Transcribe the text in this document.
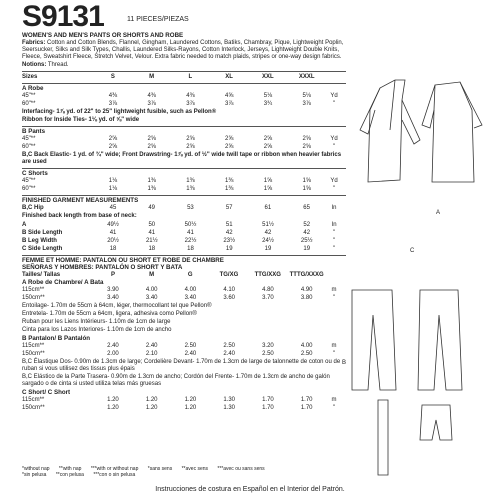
S9131	11 PIECES/PIEZAS
WOMEN'S AND MEN'S PANTS OR SHORTS AND ROBE
Fabrics: Cotton and Cotton Blends, Flannel, Gingham, Laundered Cottons, Batiks, Chambray, Pique, Lightweight Poplin, Seersucker, Silks and Silk Types, Challis, Laundered Silks-Rayons, Cotton Interlock, Jerseys, Lightweight Double Knits, Fleece, Sweatshirt Fleece, Stretch Velvet, Velour. Extra fabric needed to match plaids, stripes or one-way design fabrics.
Notions: Thread.
Sizes	S	M	L	XL	XXL	XXXL	
A Robe
45"**	4⅜	4⅜	4⅜	4⅝	5⅛	5⅛	Yd
60"**	3⅞	3⅞	3⅞	3⅞	3¾	3⅞	"
Interfacing- 1⅞ yd. of 22" to 25" lightweight fusible, such as Pellon®
Ribbon for Inside Ties- 1⅛ yd. of ⅝" wide
B Pants
45"**	2⅝	2⅝	2⅝	2⅝	2⅝	2⅝	Yd
60"**	2⅝	2⅝	2⅝	2⅝	2⅝	2⅝	"
B,C Back Elastic- 1 yd. of ¾" wide; Front Drawstring- 1⅞ yd. of ½" wide twill tape or ribbon when heavier fabrics are used
C Shorts
45"**	1⅛	1⅜	1⅜	1⅜	1⅝	1⅝	Yd
60"**	1⅛	1⅜	1⅜	1⅜	1⅝	1⅝	"
FINISHED GARMENT MEASUREMENTS
B,C Hip	45	49	53	57	61	65	In
Finished back length from base of neck:
A	49½	50	50½	51	51½	52	In
B Side Length	41	41	41	42	42	42	"
B Leg Width	20½	21½	22½	23½	24½	25½	"
C Side Length	18	18	18	19	19	19	"
FEMME ET HOMME: PANTALON OU SHORT ET ROBE DE CHAMBRE
SEÑORAS Y HOMBRES: PANTALÓN O SHORT Y BATA
Tailles/ Tallas	P	M	G	TG/XG	TTG/XXG	TTTG/XXXG	
A Robe de Chambre/ A Bata
115cm**	3.90	4.00	4.00	4.10	4.80	4.90	m
150cm**	3.40	3.40	3.40	3.60	3.70	3.80	"
Entoilage- 1.70m de 55cm à 64cm, léger, thermocollant tel que Pellon®
Entretela- 1.70m de 55cm a 64cm, ligera, adhesiva como Pellon®
Ruban pour les Liens Intérieurs- 1.10m de 1cm de large
Cinta para los Lazos Interiores- 1.10m de 1cm de ancho
B Pantalon/ B Pantalón
115cm**	2.40	2.40	2.50	2.50	3.20	4.00	m
150cm**	2.00	2.10	2.40	2.40	2.50	2.50	"
B,C Élastique Dos- 0.90m de 1.3cm de large; Cordelière Devant- 1.70m de 1.3cm de large de talonnette de coton ou de ruban si vous utilisez des tissus plus épais
B,C Elástico de la Parte Trasera- 0.90m de 1.3cm de ancho; Cordón del Frente- 1.70m de 1.3cm de ancho de galón sargado o de cinta si usted utiliza telas más gruesas
C Short/ C Short
115cm**	1.20	1.20	1.20	1.30	1.70	1.70	m
150cm**	1.20	1.20	1.20	1.30	1.70	1.70	"
*without nap **with nap ***with or without nap *sans sens **avec sens ***avec ou sans sens
*sin pelusa **con pelusa ***con o sin pelusa
Instrucciones de costura en Español en el Interior del Patrón.
A
B
C
